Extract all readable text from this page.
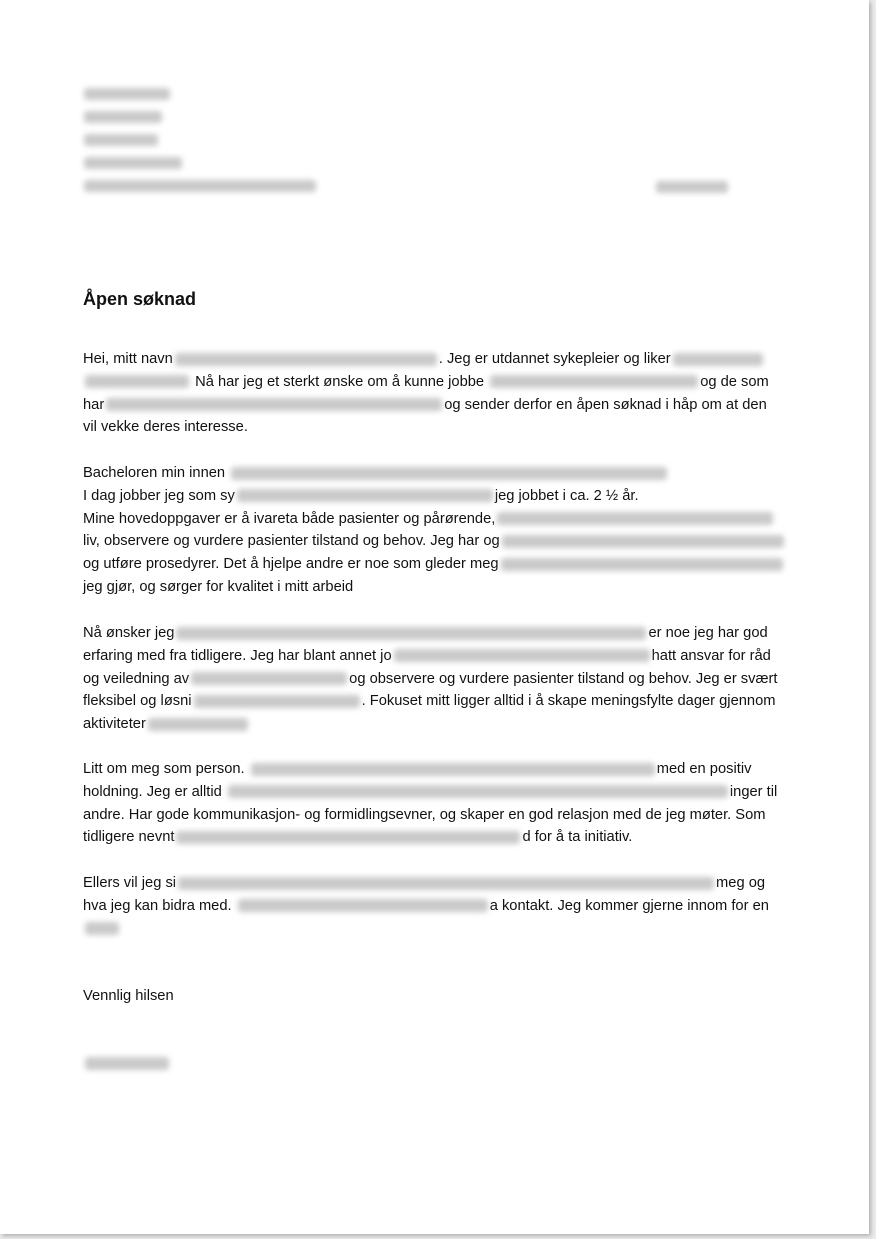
Åpen søknad
Hei, mitt navn	. Jeg er utdannet sykepleier og liker
Nå har jeg et sterkt ønske om å kunne jobbe	og de som
har	og sender derfor en åpen søknad i håp om at den
vil vekke deres interesse.
Bacheloren min innen
I dag jobber jeg som sy	jeg jobbet i ca. 2 ½ år.
Mine hovedoppgaver er å ivareta både pasienter og pårørende,
liv, observere og vurdere pasienter tilstand og behov. Jeg har og
og utføre prosedyrer. Det å hjelpe andre er noe som gleder meg
jeg gjør, og sørger for kvalitet i mitt arbeid
Nå ønsker jeg	er noe jeg har god
erfaring med fra tidligere. Jeg har blant annet jo	hatt ansvar for råd
og veiledning av	og observere og vurdere pasienter tilstand og behov. Jeg er svært
fleksibel og løsni	. Fokuset mitt ligger alltid i å skape meningsfylte dager gjennom
aktiviteter
Litt om meg som person.	med en positiv
holdning. Jeg er alltid	inger til
andre. Har gode kommunikasjon- og formidlingsevner, og skaper en god relasjon med de jeg møter. Som
tidligere nevnt	d for å ta initiativ.
Ellers vil jeg si	meg og
hva jeg kan bidra med.	a kontakt. Jeg kommer gjerne innom for en
Vennlig hilsen
